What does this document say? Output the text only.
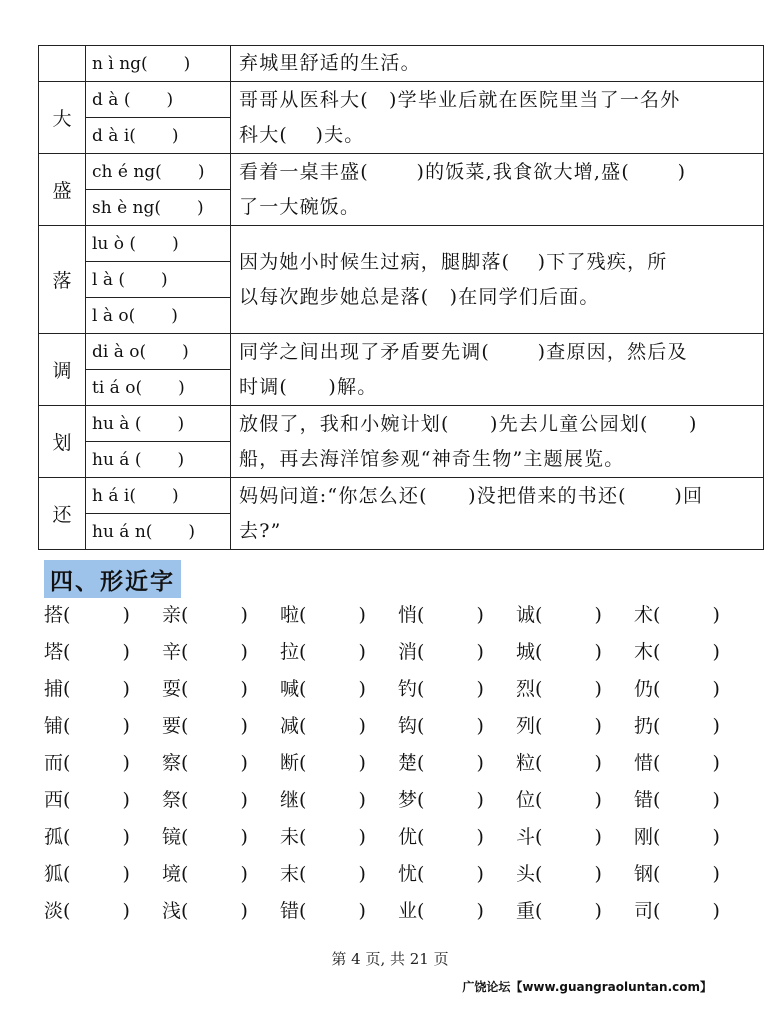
	n ì ng( )	弃城里舒适的生活。

大	d à ( )	哥哥从医科大(　)学毕业后就在医院里当了一名外
科大(　 )夫。

	d à i( )	
盛	ch é ng( )	看着一桌丰盛(　　 )的饭菜,我食欲大增,盛(　　 )
了一大碗饭。

	sh è ng( )	
落	lu ò ( )	因为她小时候生过病，腿脚落(　 )下了残疾，所
以每次跑步她总是落(　)在同学们后面。

	l à ( )	
	l à o( )	
调	di à o( )	同学之间出现了矛盾要先调(　　 )查原因，然后及
时调(　　)解。

	ti á o( )	
划	hu à ( )	放假了，我和小婉计划(　　)先去儿童公园划(　　)
船，再去海洋馆参观“神奇生物”主题展览。

	hu á ( )	
还	h á i( )	妈妈问道:“你怎么还(　　)没把借来的书还(　　 )回
去?”

	hu á n( )	
四、形近字
搭(	) 亲(	) 啦(	) 悄(	) 诚(	) 术(	)
塔(	) 辛(	) 拉(	) 消(	) 城(	) 木(	)
捕(	) 耍(	) 喊(	) 钓(	) 烈(	) 仍(	)
铺(	) 要(	) 减(	) 钩(	) 列(	) 扔(	)
而(	) 察(	) 断(	) 楚(	) 粒(	) 惜(	)
西(	) 祭(	) 继(	) 梦(	) 位(	) 错(	)
孤(	) 镜(	) 未(	) 优(	) 斗(	) 刚(	)
狐(	) 境(	) 末(	) 忧(	) 头(	) 钢(	)
淡(	) 浅(	) 错(	) 业(	) 重(	) 司(	)
第 4 页, 共 21 页
广饶论坛【www.guangraoluntan.com】
